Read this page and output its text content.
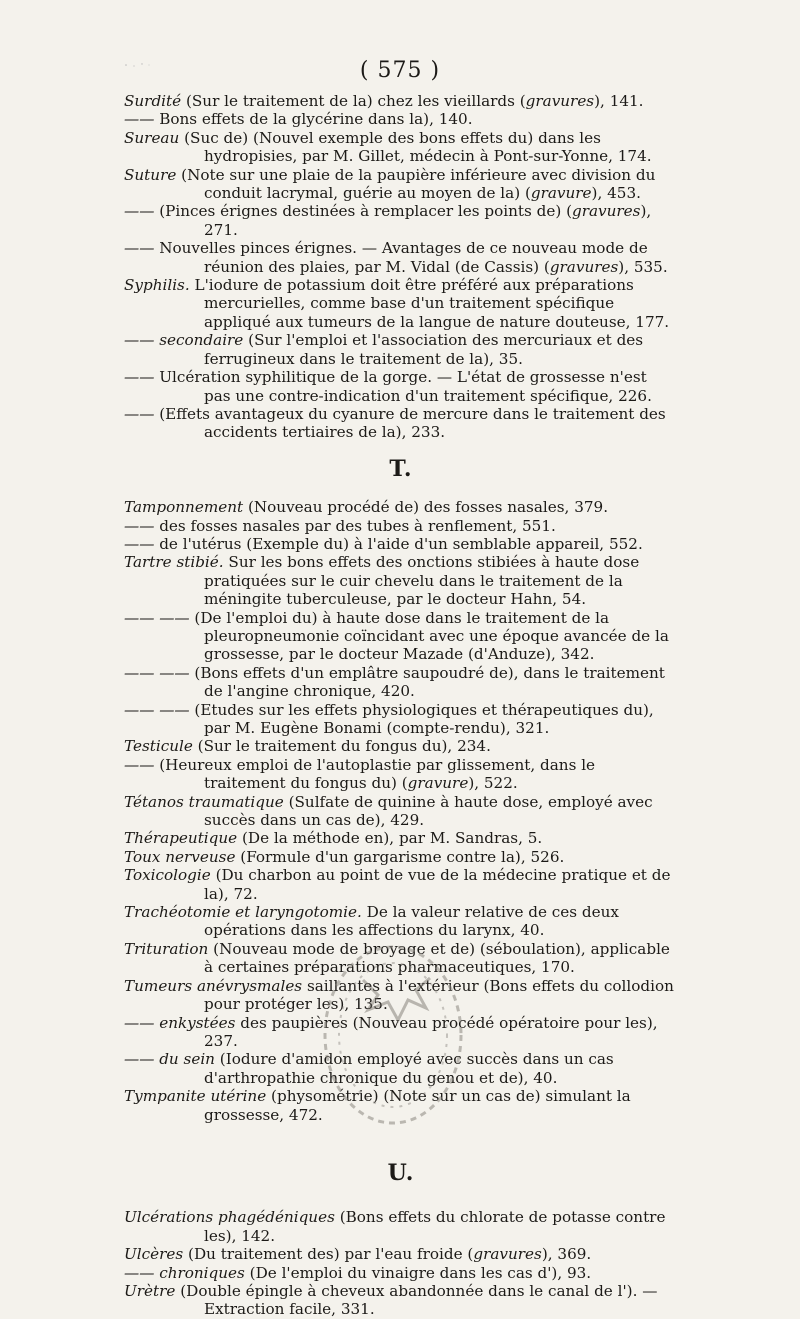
( 575 )

Surdité (Sur le traitement de la) chez les vieillards (gravures), 141.

—— Bons effets de la glycérine dans la), 140.

Sureau (Suc de) (Nouvel exemple des bons effets du) dans les hydropisies, par M. Gillet, médecin à Pont-sur-Yonne, 174.

Suture (Note sur une plaie de la paupière inférieure avec division du conduit lacrymal, guérie au moyen de la) (gravure), 453.

—— (Pinces érignes destinées à remplacer les points de) (gravures), 271.

—— Nouvelles pinces érignes. — Avantages de ce nouveau mode de réunion des plaies, par M. Vidal (de Cassis) (gravures), 535.

Syphilis. L'iodure de potassium doit être préféré aux préparations mercurielles, comme base d'un traitement spécifique appliqué aux tumeurs de la langue de nature douteuse, 177.

—— secondaire (Sur l'emploi et l'association des mercuriaux et des ferrugineux dans le traitement de la), 35.

—— Ulcération syphilitique de la gorge. — L'état de grossesse n'est pas une contre-indication d'un traitement spécifique, 226.

—— (Effets avantageux du cyanure de mercure dans le traitement des accidents tertiaires de la), 233.

T.

Tamponnement (Nouveau procédé de) des fosses nasales, 379.

—— des fosses nasales par des tubes à renflement, 551.

—— de l'utérus (Exemple du) à l'aide d'un semblable appareil, 552.

Tartre stibié. Sur les bons effets des onctions stibiées à haute dose pratiquées sur le cuir chevelu dans le traitement de la méningite tuberculeuse, par le docteur Hahn, 54.

—— —— (De l'emploi du) à haute dose dans le traitement de la pleuropneumonie coïncidant avec une époque avancée de la grossesse, par le docteur Mazade (d'Anduze), 342.

—— —— (Bons effets d'un emplâtre saupoudré de), dans le traitement de l'angine chronique, 420.

—— —— (Etudes sur les effets physiologiques et thérapeutiques du), par M. Eugène Bonami (compte-rendu), 321.

Testicule (Sur le traitement du fongus du), 234.

—— (Heureux emploi de l'autoplastie par glissement, dans le traitement du fongus du) (gravure), 522.

Tétanos traumatique (Sulfate de quinine à haute dose, employé avec succès dans un cas de), 429.

Thérapeutique (De la méthode en), par M. Sandras, 5.

Toux nerveuse (Formule d'un gargarisme contre la), 526.

Toxicologie (Du charbon au point de vue de la médecine pratique et de la), 72.

Trachéotomie et laryngotomie. De la valeur relative de ces deux opérations dans les affections du larynx, 40.

Trituration (Nouveau mode de broyage et de) (séboulation), applicable à certaines préparations pharmaceutiques, 170.

Tumeurs anévrysmales saillantes à l'extérieur (Bons effets du collodion pour protéger les), 135.

—— enkystées des paupières (Nouveau procédé opératoire pour les), 237.

—— du sein (Iodure d'amidon employé avec succès dans un cas d'arthropathie chronique du genou et de), 40.

Tympanite utérine (physométrie) (Note sur un cas de) simulant la grossesse, 472.

U.

Ulcérations phagédéniques (Bons effets du chlorate de potasse contre les), 142.

Ulcères (Du traitement des) par l'eau froide (gravures), 369.

—— chroniques (De l'emploi du vinaigre dans les cas d'), 93.

Urètre (Double épingle à cheveux abandonnée dans le canal de l'). — Extraction facile, 331.
